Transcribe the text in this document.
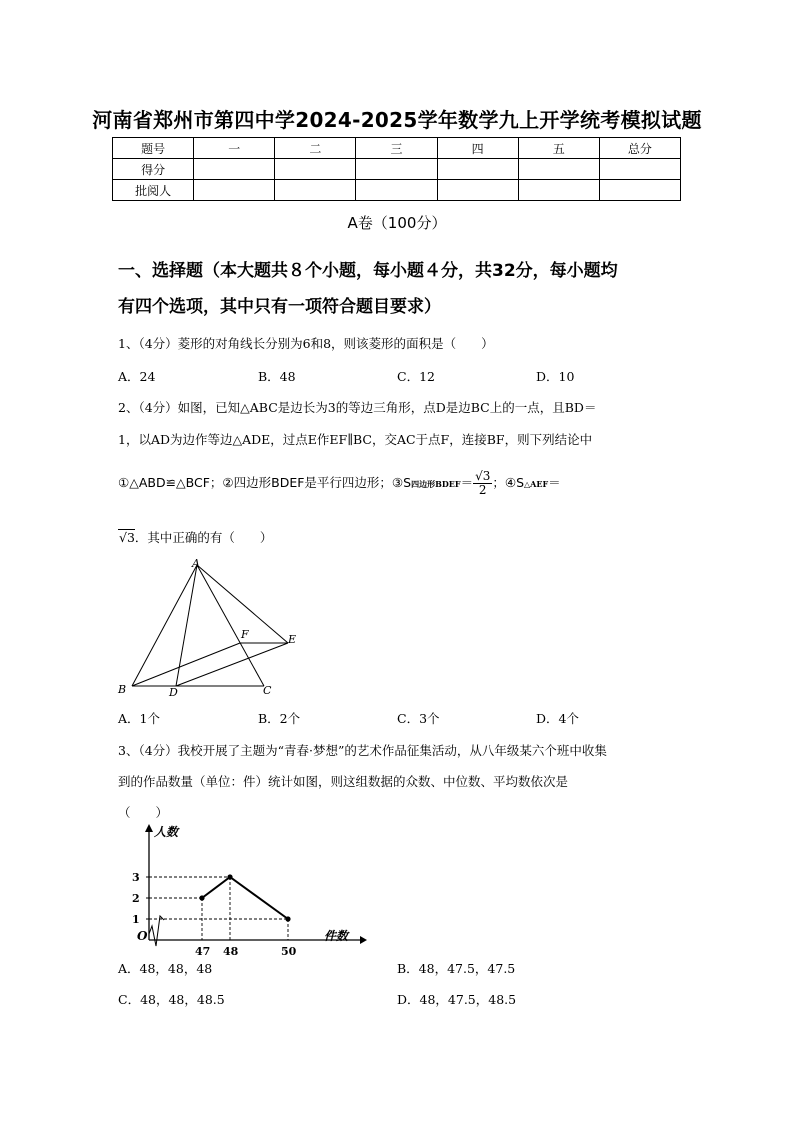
河南省郑州市第四中学2024-2025学年数学九上开学统考模拟试题
题号	一	二	三	四	五	总分
得分						
批阅人						
A卷（100分）
一、选择题（本大题共８个小题，每小题４分，共32分，每小题均
有四个选项，其中只有一项符合题目要求）
1、（4分）菱形的对角线长分别为6和8，则该菱形的面积是（　　）
A．24	B．48	C．12	D．10
2、（4分）如图，已知△ABC是边长为3的等边三角形，点D是边BC上的一点，且BD＝
1，以AD为边作等边△ADE，过点E作EF∥BC，交AC于点F，连接BF，则下列结论中
①△ABD≌△BCF；②四边形BDEF是平行四边形；③S四边形BDEF＝ $\frac{√3}{2}$ ；④S△AEF＝
√3．其中正确的有（　　）
A
B	C
D
E
F
A．1个	B．2个	C．3个	D．4个
3、（4分）我校开展了主题为“青春·梦想”的艺术作品征集活动，从八年级某六个班中收集
到的作品数量（单位：件）统计如图，则这组数据的众数、中位数、平均数依次是
（　　）
O
人数
件数
47 48	50
1
2
3
A．48，48，48	B．48，47.5，47.5
C．48，48，48.5	D．48，47.5，48.5
